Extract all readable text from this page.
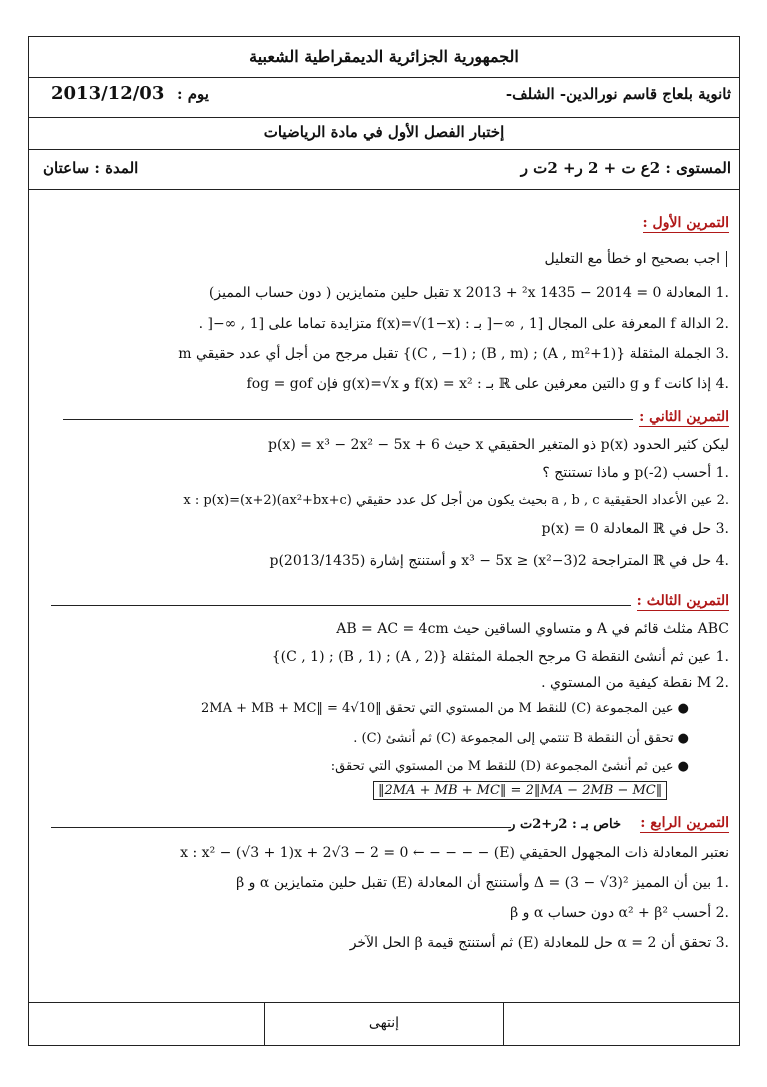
الجمهورية الجزائرية الديمقراطية الشعبية
ثانوية بلعاج قاسم نورالدين- الشلف-
يوم :
2013/12/03
إختبار الفصل الأول في مادة الرياضيات
المستوى : 2ع ت + 2 ر+ 2ت ر
المدة : ساعتان
التمرين الأول :
اجب بصحيح او خطأ مع التعليل
.1 المعادلة 0 = 2014 − x 2013 + ²x 1435 تقبل حلين متمايزين ( دون حساب المميز)
.2 الدالة f المعرفة على المجال [1 , ∞−[ بـ : f(x)=√(1−x) متزايدة تماما على [1 , ∞−[ .
.3 الجملة المثقلة {(A , m²+1) ; (B , m) ; (C , −1)} تقبل مرجح من أجل أي عدد حقيقي m
.4 إذا كانت f و g دالتين معرفين على ℝ بـ : f(x) = x² و g(x)=√x فإن fog = gof
التمرين الثاني :
ليكن كثير الحدود p(x) ذو المتغير الحقيقي x حيث p(x) = x³ − 2x² − 5x + 6
.1 أحسب p(-2) و ماذا تستنتج ؟
.2 عين الأعداد الحقيقية a , b , c بحيث يكون من أجل كل عدد حقيقي x : p(x)=(x+2)(ax²+bx+c)
.3 حل في ℝ المعادلة p(x) = 0
.4 حل في ℝ المتراجحة 2(x²−3) ≤ x³ − 5x و أستنتج إشارة p(2013/1435)
التمرين الثالث :
ABC مثلث قائم في A و متساوي الساقين حيث AB = AC = 4cm
.1 عين ثم أنشئ النقطة G مرجح الجملة المثقلة {(A , 2) ; (B , 1) ; (C , 1)}
.2 M نقطة كيفية من المستوي .
● عين المجموعة (C) للنقط M من المستوي التي تحقق ‖2MA + MB + MC‖ = 4√10
● تحقق أن النقطة B تنتمي إلى المجموعة (C) ثم أنشئ (C) .
● عين ثم أنشئ المجموعة (D) للنقط M من المستوي التي تحقق:
‖2MA + MB + MC‖ = 2‖MA − 2MB − MC‖
التمرين الرابع :
خاص بـ : 2ر+2ت ر
نعتبر المعادلة ذات المجهول الحقيقي x : x² − (√3 + 1)x + 2√3 − 2 = 0 ← − − − − (E)
.1 بين أن المميز Δ = (3 − √3)² وأستنتج أن المعادلة (E) تقبل حلين متمايزين α و β
.2 أحسب α² + β² دون حساب α و β
.3 تحقق أن α = 2 حل للمعادلة (E) ثم أستنتج قيمة β الحل الآخر
إنتهى
